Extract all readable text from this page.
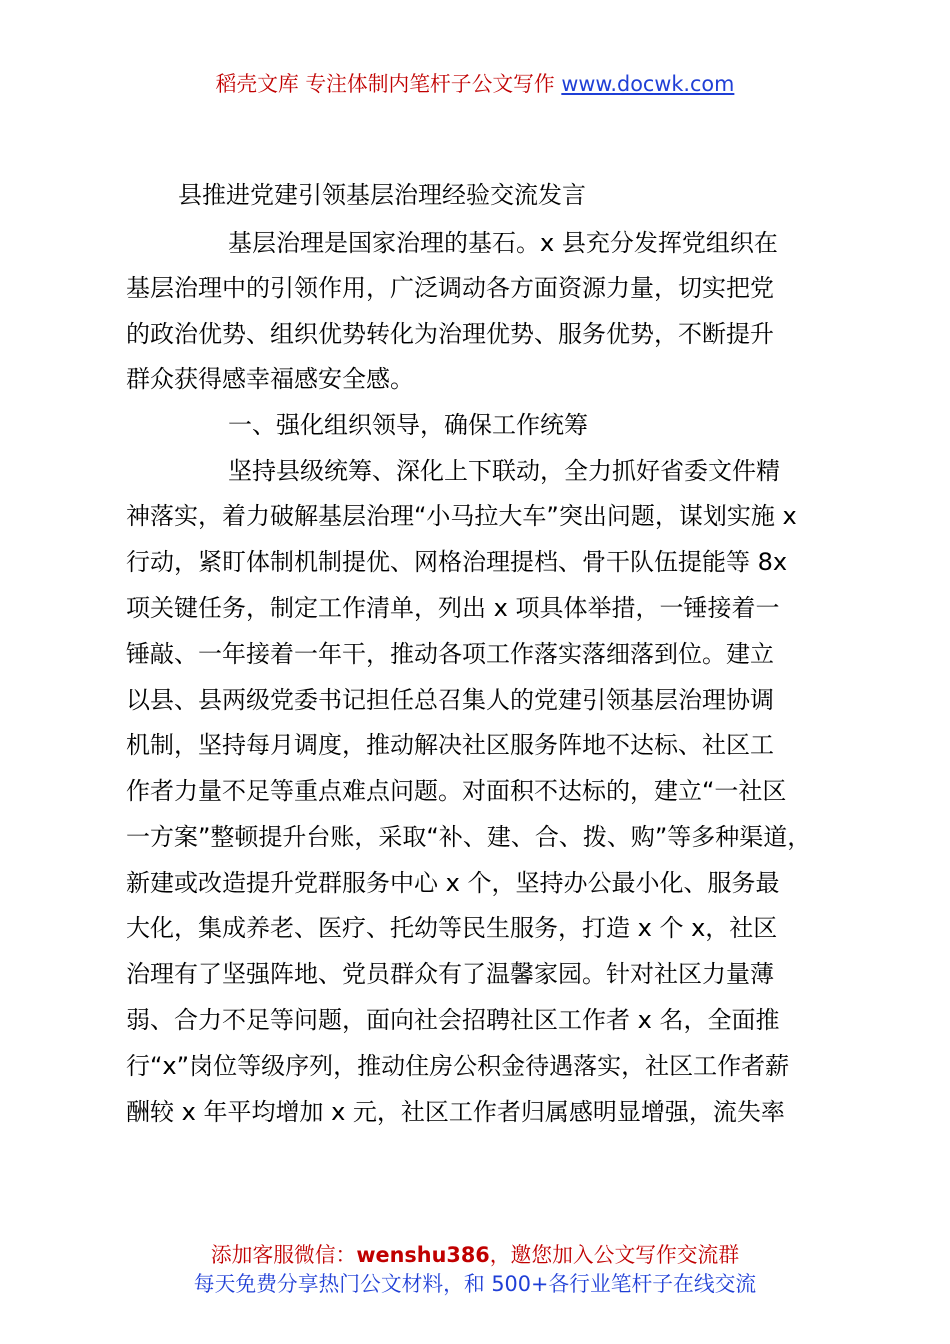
稻壳文库 专注体制内笔杆子公文写作 www.docwk.com
县推进党建引领基层治理经验交流发言
基层治理是国家治理的基石。x 县充分发挥党组织在
基层治理中的引领作用，广泛调动各方面资源力量，切实把党
的政治优势、组织优势转化为治理优势、服务优势，不断提升
群众获得感幸福感安全感。
一、强化组织领导，确保工作统筹
坚持县级统筹、深化上下联动，全力抓好省委文件精
神落实，着力破解基层治理“小马拉大车”突出问题，谋划实施 x
行动，紧盯体制机制提优、网格治理提档、骨干队伍提能等 8x
项关键任务，制定工作清单，列出 x 项具体举措，一锤接着一
锤敲、一年接着一年干，推动各项工作落实落细落到位。建立
以县、县两级党委书记担任总召集人的党建引领基层治理协调
机制，坚持每月调度，推动解决社区服务阵地不达标、社区工
作者力量不足等重点难点问题。对面积不达标的，建立“一社区
一方案”整顿提升台账，采取“补、建、合、拨、购”等多种渠道，
新建或改造提升党群服务中心 x 个，坚持办公最小化、服务最
大化，集成养老、医疗、托幼等民生服务，打造 x 个 x，社区
治理有了坚强阵地、党员群众有了温馨家园。针对社区力量薄
弱、合力不足等问题，面向社会招聘社区工作者 x 名，全面推
行“x”岗位等级序列，推动住房公积金待遇落实，社区工作者薪
酬较 x 年平均增加 x 元，社区工作者归属感明显增强，流失率
添加客服微信：wenshu386，邀您加入公文写作交流群
每天免费分享热门公文材料，和 500+各行业笔杆子在线交流
